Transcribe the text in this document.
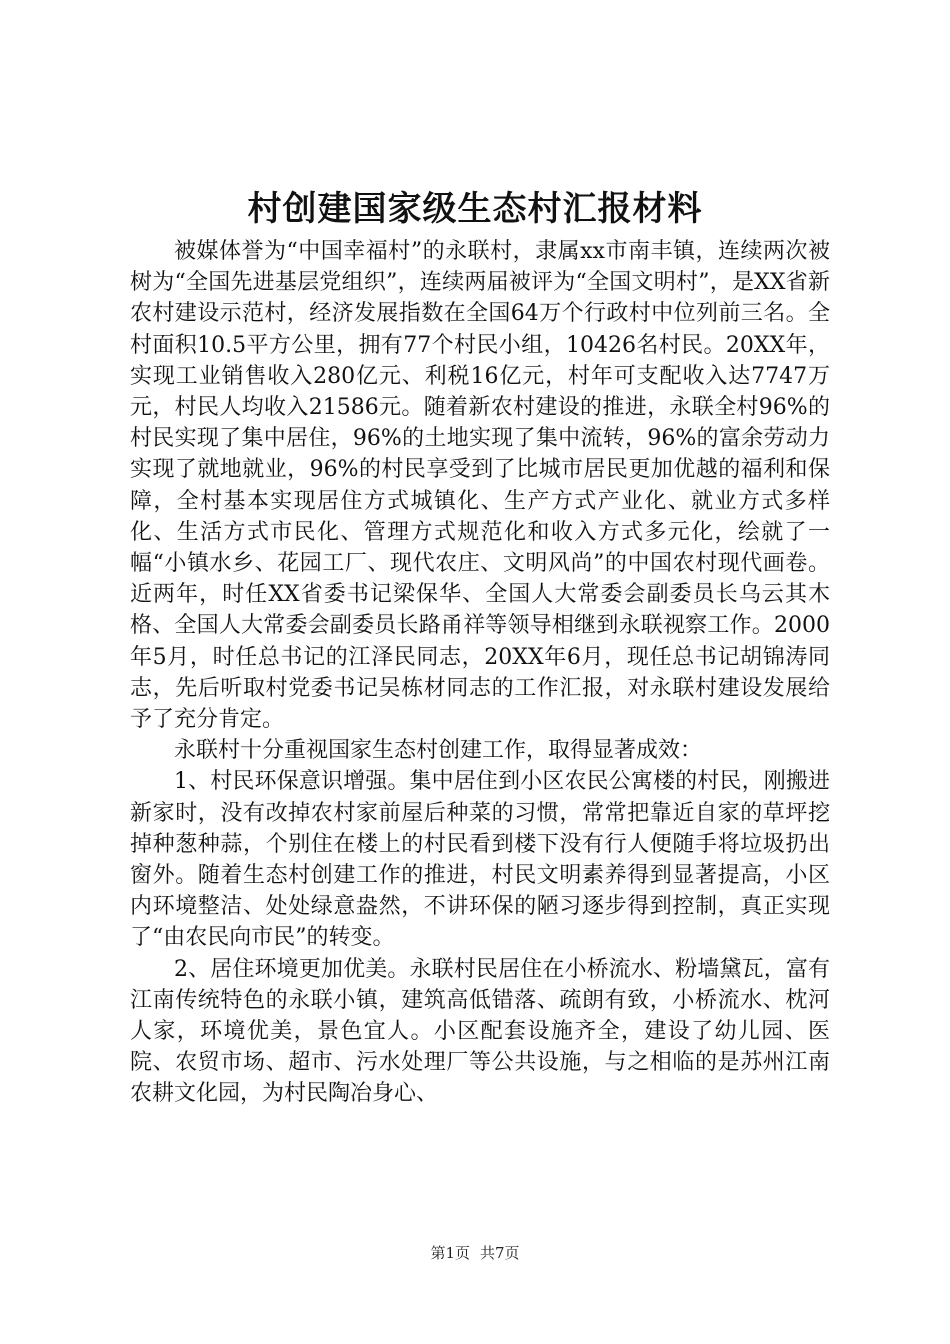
村创建国家级生态村汇报材料

被媒体誉为“中国幸福村”的永联村，隶属xx市南丰镇，连续两次被树为“全国先进基层党组织”，连续两届被评为“全国文明村”，是XX省新农村建设示范村，经济发展指数在全国64万个行政村中位列前三名。全村面积10.5平方公里，拥有77个村民小组，10426名村民。20XX年，实现工业销售收入280亿元、利税16亿元，村年可支配收入达7747万元，村民人均收入21586元。随着新农村建设的推进，永联全村96%的村民实现了集中居住，96%的土地实现了集中流转，96%的富余劳动力实现了就地就业，96%的村民享受到了比城市居民更加优越的福利和保障，全村基本实现居住方式城镇化、生产方式产业化、就业方式多样化、生活方式市民化、管理方式规范化和收入方式多元化，绘就了一幅“小镇水乡、花园工厂、现代农庄、文明风尚”的中国农村现代画卷。近两年，时任XX省委书记梁保华、全国人大常委会副委员长乌云其木格、全国人大常委会副委员长路甬祥等领导相继到永联视察工作。2000年5月，时任总书记的江泽民同志，20XX年6月，现任总书记胡锦涛同志，先后听取村党委书记吴栋材同志的工作汇报，对永联村建设发展给予了充分肯定。

永联村十分重视国家生态村创建工作，取得显著成效：

1、村民环保意识增强。集中居住到小区农民公寓楼的村民，刚搬进新家时，没有改掉农村家前屋后种菜的习惯，常常把靠近自家的草坪挖掉种葱种蒜，个别住在楼上的村民看到楼下没有行人便随手将垃圾扔出窗外。随着生态村创建工作的推进，村民文明素养得到显著提高，小区内环境整洁、处处绿意盎然，不讲环保的陋习逐步得到控制，真正实现了“由农民向市民”的转变。

2、居住环境更加优美。永联村民居住在小桥流水、粉墙黛瓦，富有江南传统特色的永联小镇，建筑高低错落、疏朗有致，小桥流水、枕河人家，环境优美，景色宜人。小区配套设施齐全，建设了幼儿园、医院、农贸市场、超市、污水处理厂等公共设施，与之相临的是苏州江南农耕文化园，为村民陶冶身心、

第1页 共7页
